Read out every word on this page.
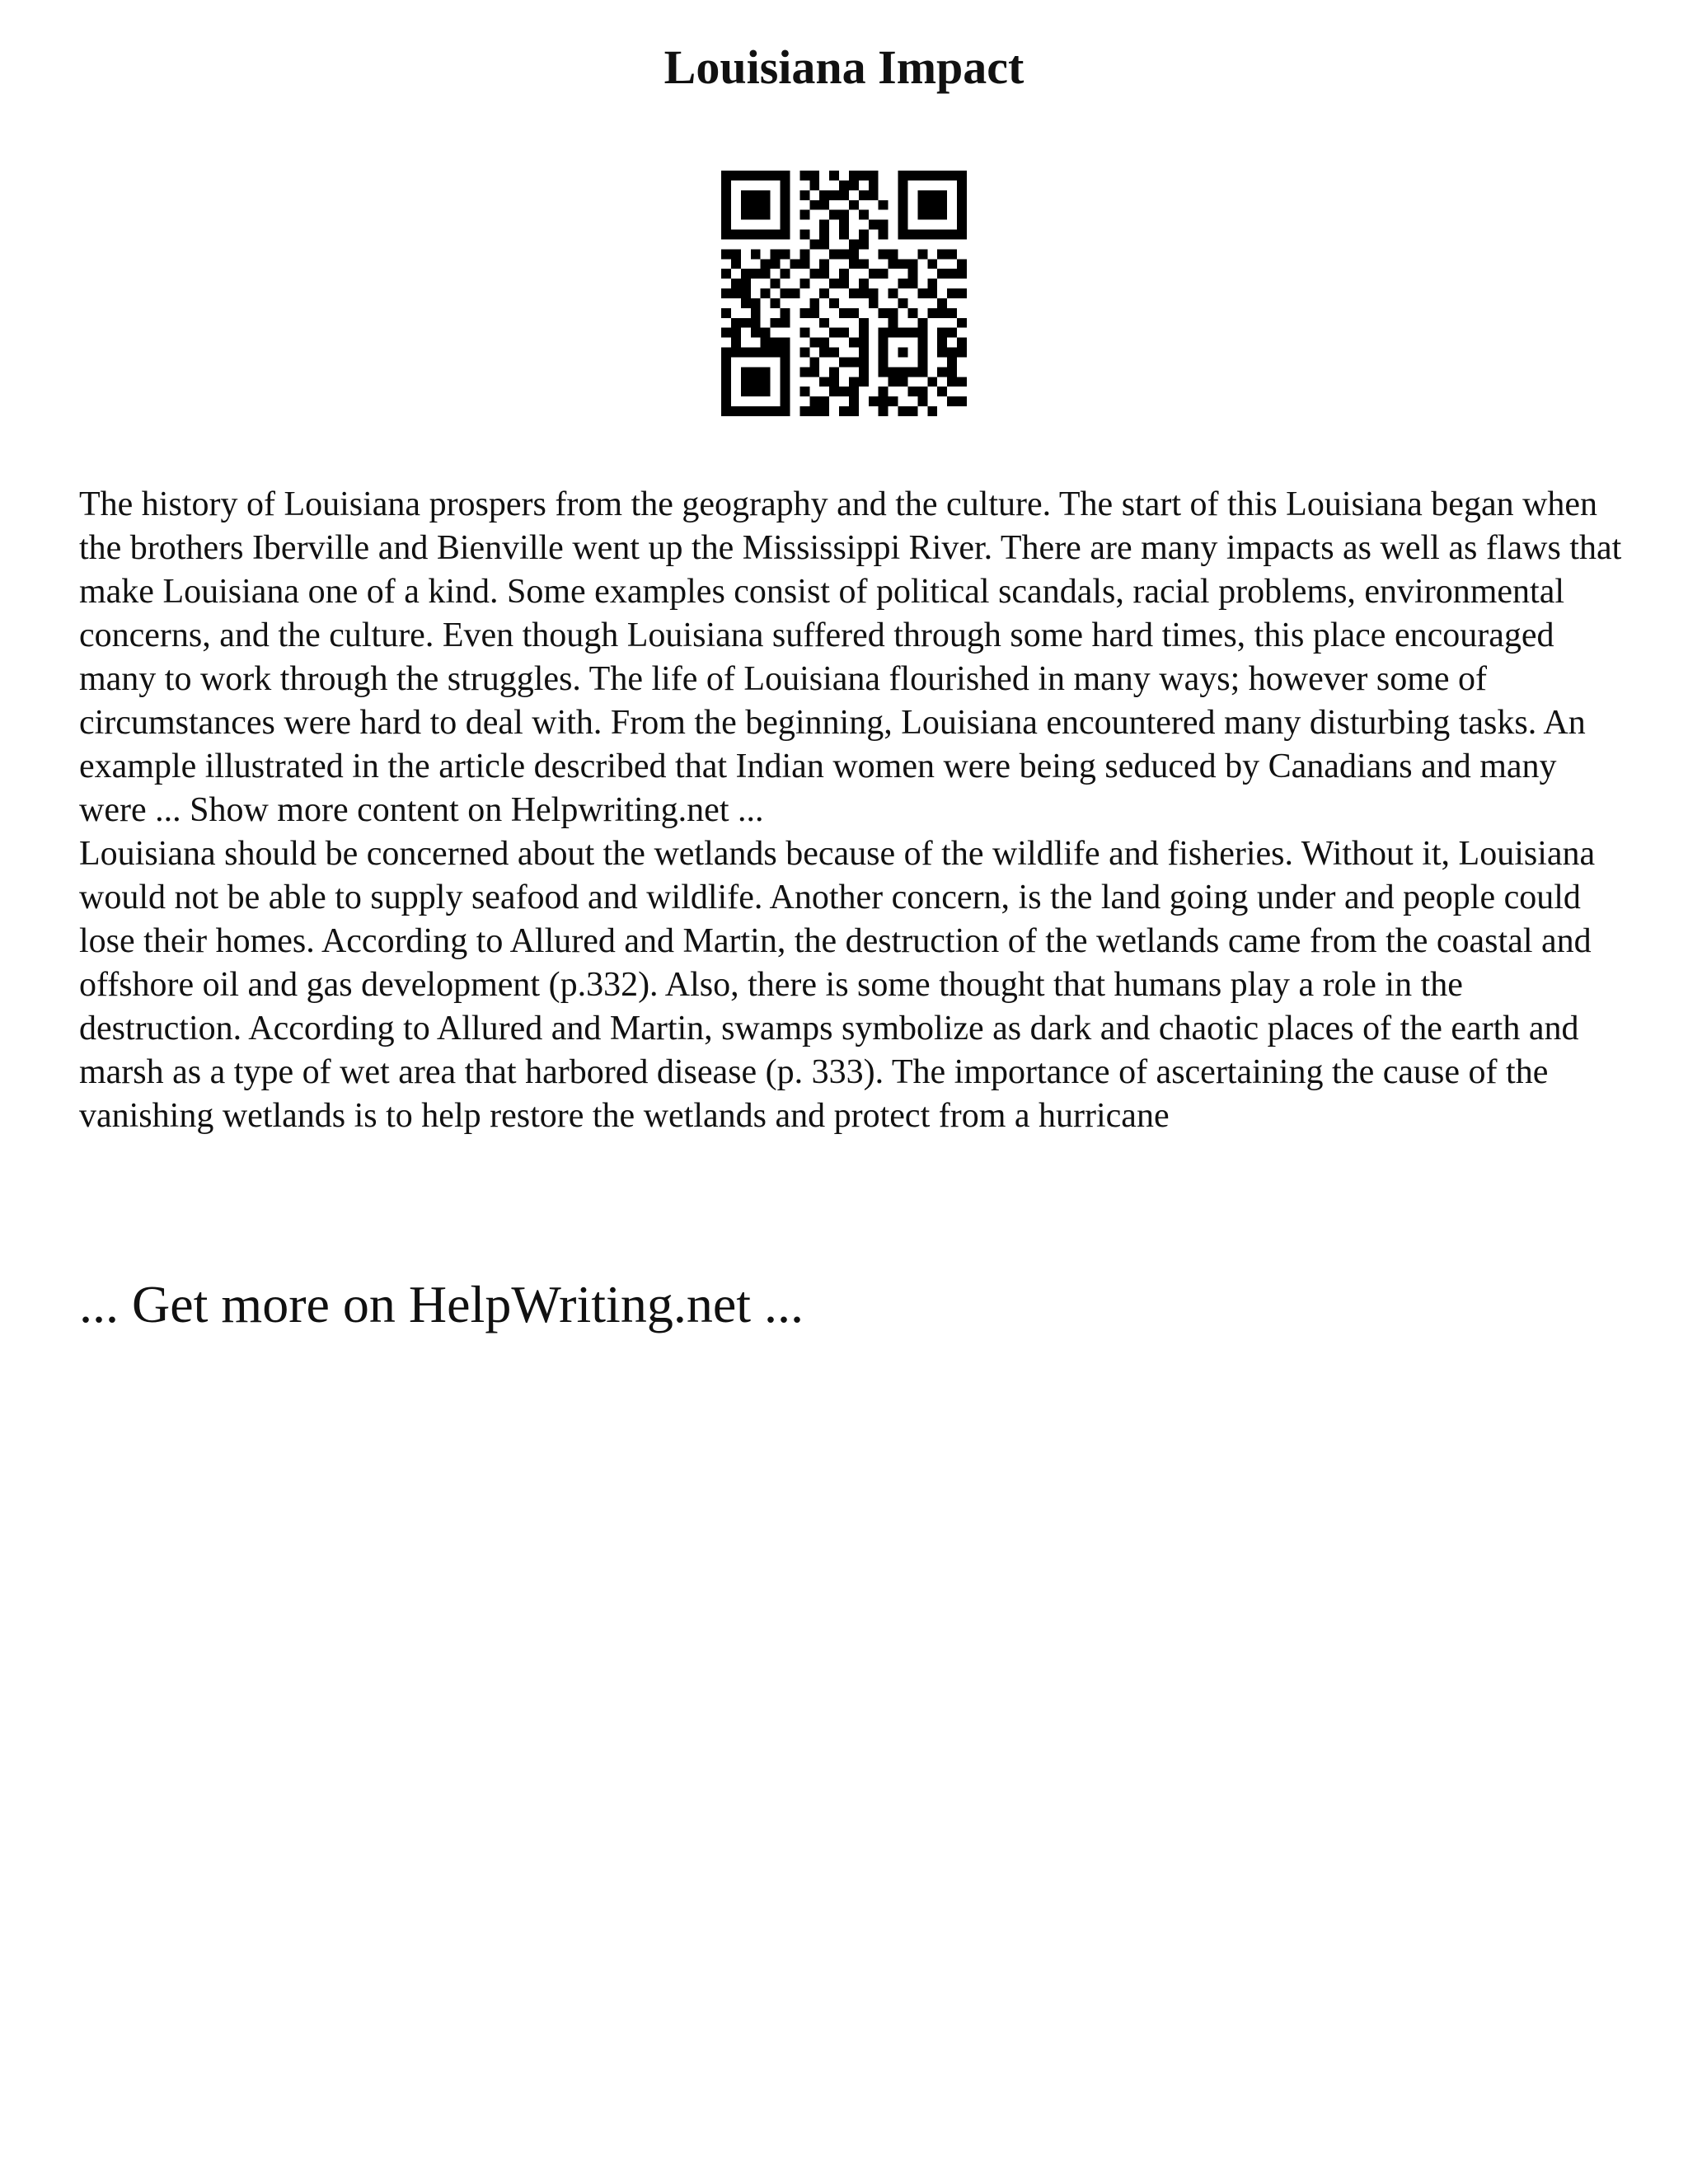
Louisiana Impact

The history of Louisiana prospers from the geography and the culture. The start of this Louisiana began when the brothers Iberville and Bienville went up the Mississippi River. There are many impacts as well as flaws that make Louisiana one of a kind. Some examples consist of political scandals, racial problems, environmental concerns, and the culture. Even though Louisiana suffered through some hard times, this place encouraged many to work through the struggles. The life of Louisiana flourished in many ways; however some of circumstances were hard to deal with. From the beginning, Louisiana encountered many disturbing tasks. An example illustrated in the article described that Indian women were being seduced by Canadians and many were ... Show more content on Helpwriting.net ...

Louisiana should be concerned about the wetlands because of the wildlife and fisheries. Without it, Louisiana would not be able to supply seafood and wildlife. Another concern, is the land going under and people could lose their homes. According to Allured and Martin, the destruction of the wetlands came from the coastal and offshore oil and gas development (p.332). Also, there is some thought that humans play a role in the destruction. According to Allured and Martin, swamps symbolize as dark and chaotic places of the earth and marsh as a type of wet area that harbored disease (p. 333). The importance of ascertaining the cause of the vanishing wetlands is to help restore the wetlands and protect from a hurricane

... Get more on HelpWriting.net ...
